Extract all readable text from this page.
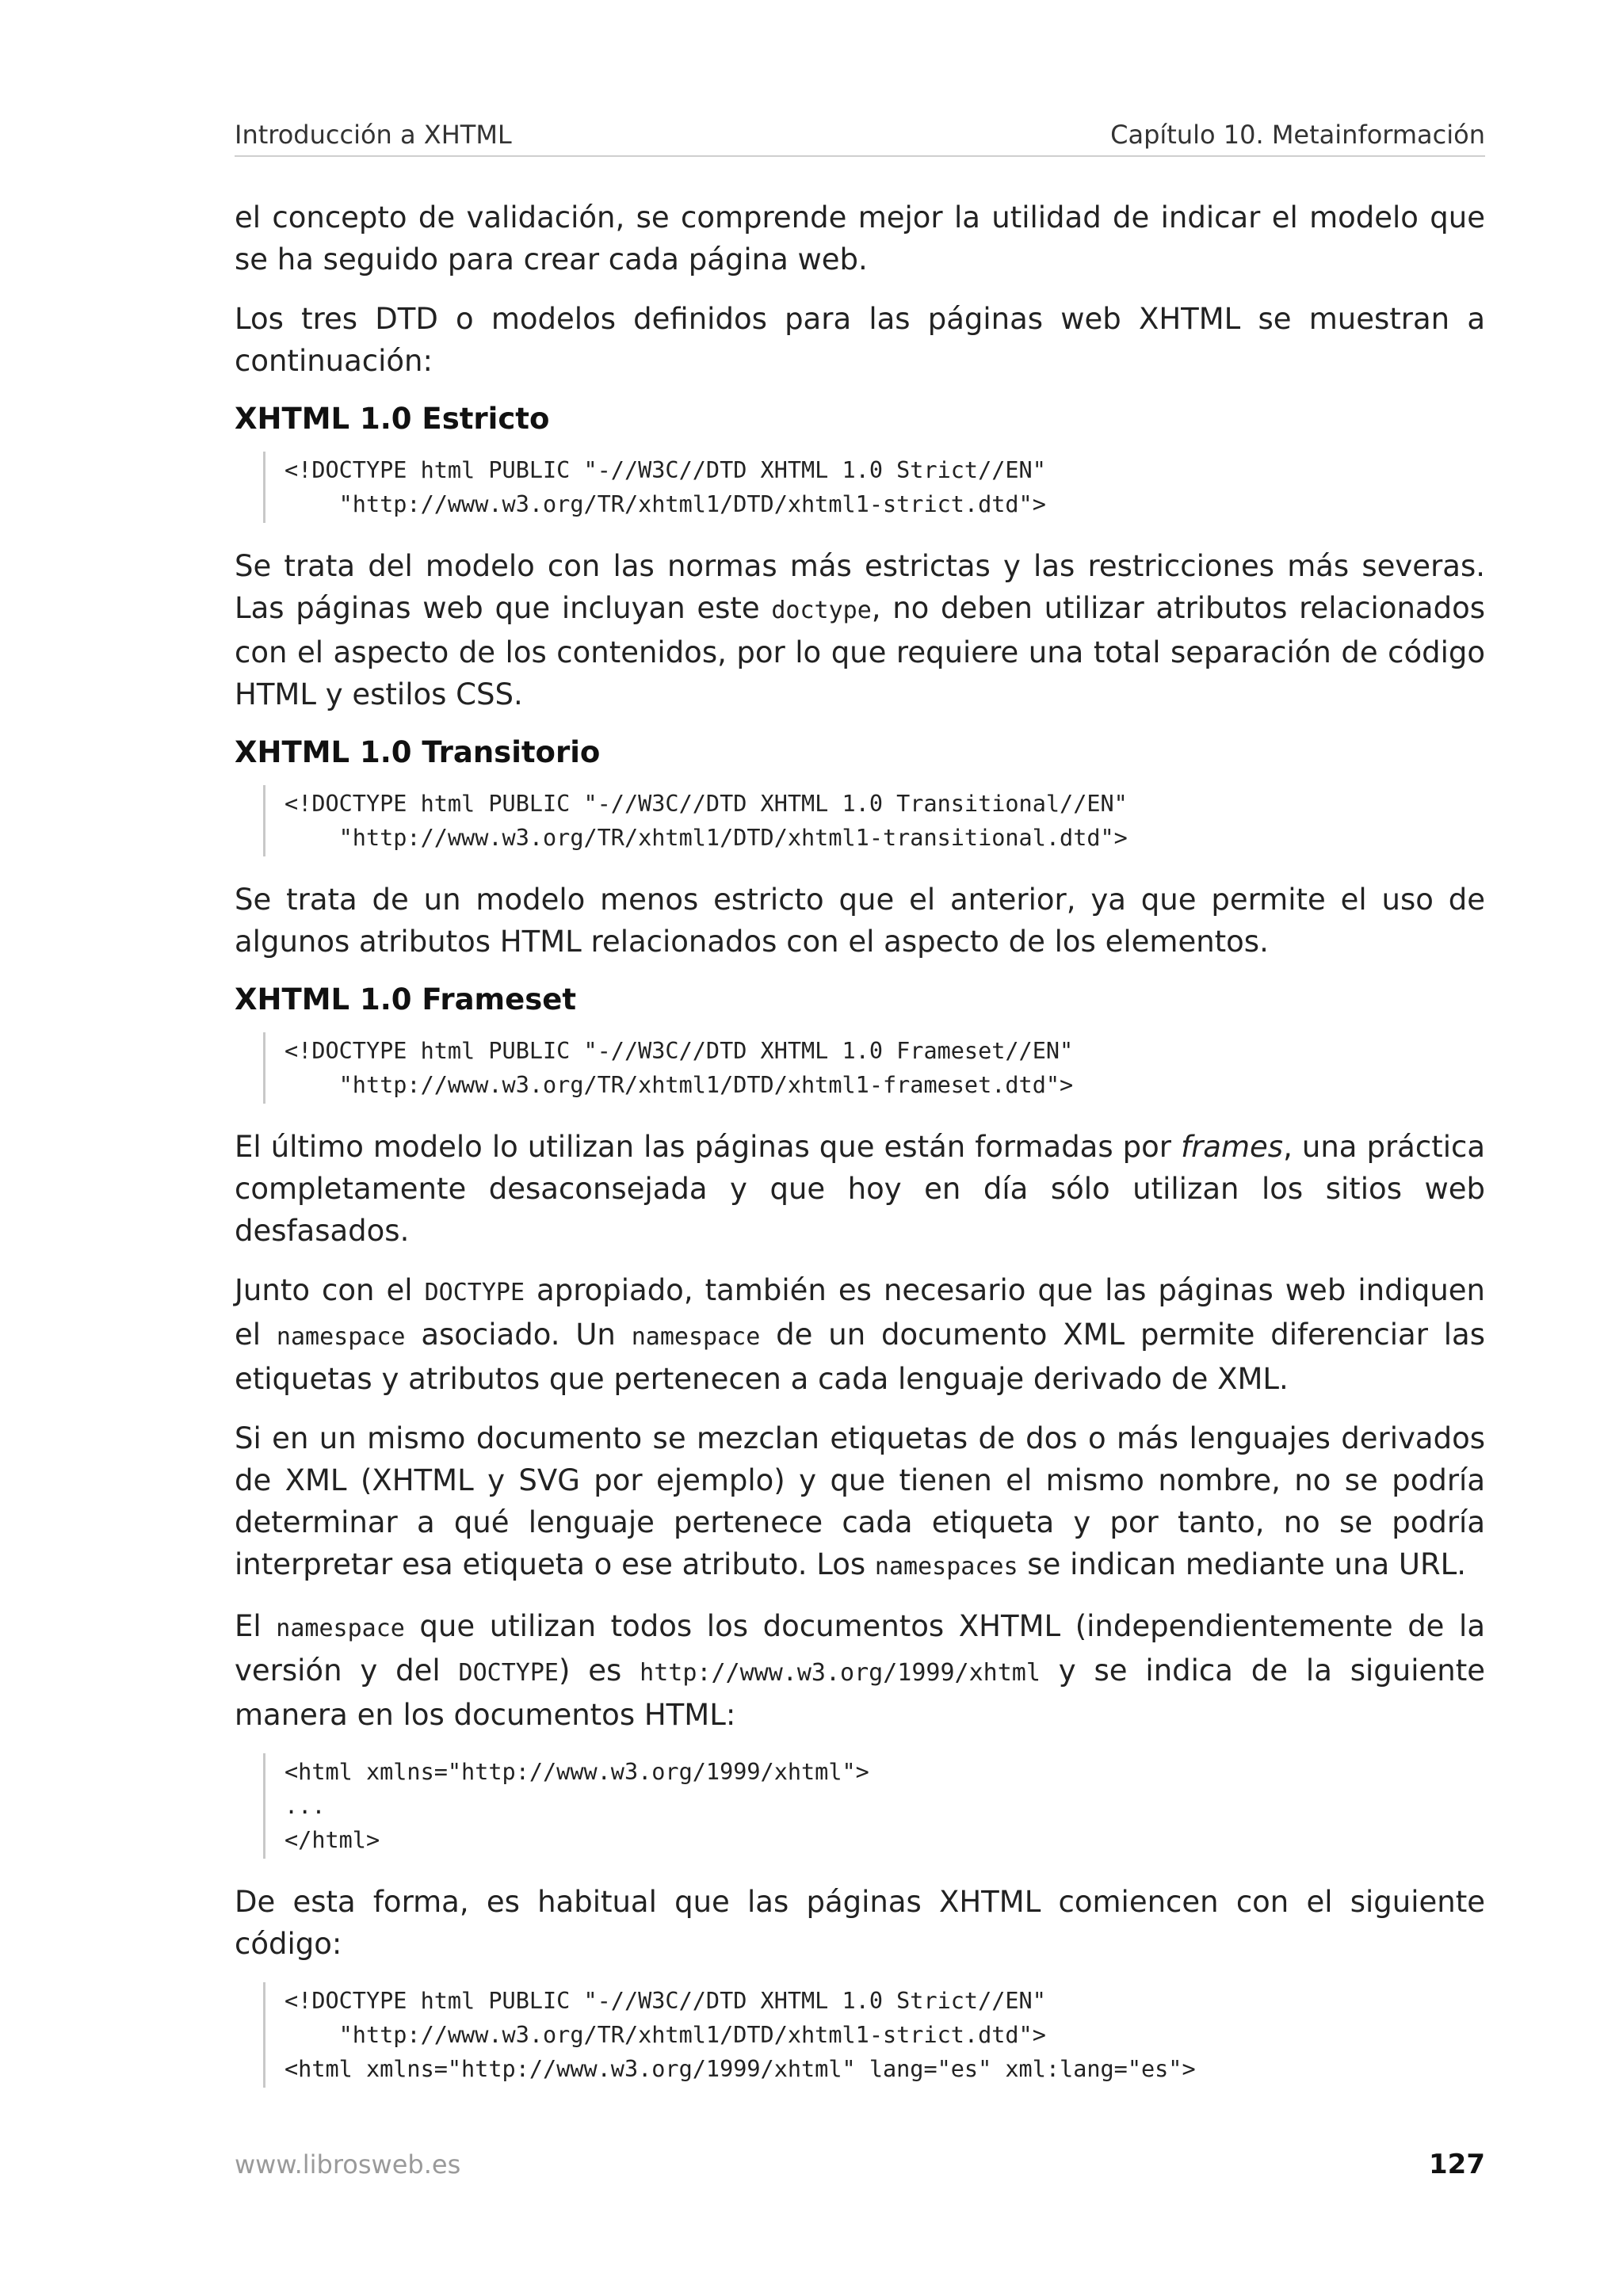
Introducción a XHTML	Capítulo 10. Metainformación

el concepto de validación, se comprende mejor la utilidad de indicar el modelo que se ha seguido para crear cada página web.

Los tres DTD o modelos definidos para las páginas web XHTML se muestran a continuación:

XHTML 1.0 Estricto
<!DOCTYPE html PUBLIC "-//W3C//DTD XHTML 1.0 Strict//EN"
"http://www.w3.org/TR/xhtml1/DTD/xhtml1-strict.dtd">

Se trata del modelo con las normas más estrictas y las restricciones más severas. Las páginas web que incluyan este doctype, no deben utilizar atributos relacionados con el aspecto de los contenidos, por lo que requiere una total separación de código HTML y estilos CSS.

XHTML 1.0 Transitorio
<!DOCTYPE html PUBLIC "-//W3C//DTD XHTML 1.0 Transitional//EN"
"http://www.w3.org/TR/xhtml1/DTD/xhtml1-transitional.dtd">

Se trata de un modelo menos estricto que el anterior, ya que permite el uso de algunos atributos HTML relacionados con el aspecto de los elementos.

XHTML 1.0 Frameset
<!DOCTYPE html PUBLIC "-//W3C//DTD XHTML 1.0 Frameset//EN"
"http://www.w3.org/TR/xhtml1/DTD/xhtml1-frameset.dtd">

El último modelo lo utilizan las páginas que están formadas por frames, una práctica completamente desaconsejada y que hoy en día sólo utilizan los sitios web desfasados.

Junto con el DOCTYPE apropiado, también es necesario que las páginas web indiquen el namespace asociado. Un namespace de un documento XML permite diferenciar las etiquetas y atributos que pertenecen a cada lenguaje derivado de XML.

Si en un mismo documento se mezclan etiquetas de dos o más lenguajes derivados de XML (XHTML y SVG por ejemplo) y que tienen el mismo nombre, no se podría determinar a qué lenguaje pertenece cada etiqueta y por tanto, no se podría interpretar esa etiqueta o ese atributo. Los namespaces se indican mediante una URL.

El namespace que utilizan todos los documentos XHTML (independientemente de la versión y del DOCTYPE) es http://www.w3.org/1999/xhtml y se indica de la siguiente manera en los documentos HTML:

<html xmlns="http://www.w3.org/1999/xhtml">
...
</html>

De esta forma, es habitual que las páginas XHTML comiencen con el siguiente código:

<!DOCTYPE html PUBLIC "-//W3C//DTD XHTML 1.0 Strict//EN"
"http://www.w3.org/TR/xhtml1/DTD/xhtml1-strict.dtd">
<html xmlns="http://www.w3.org/1999/xhtml" lang="es" xml:lang="es">
www.librosweb.es	127
